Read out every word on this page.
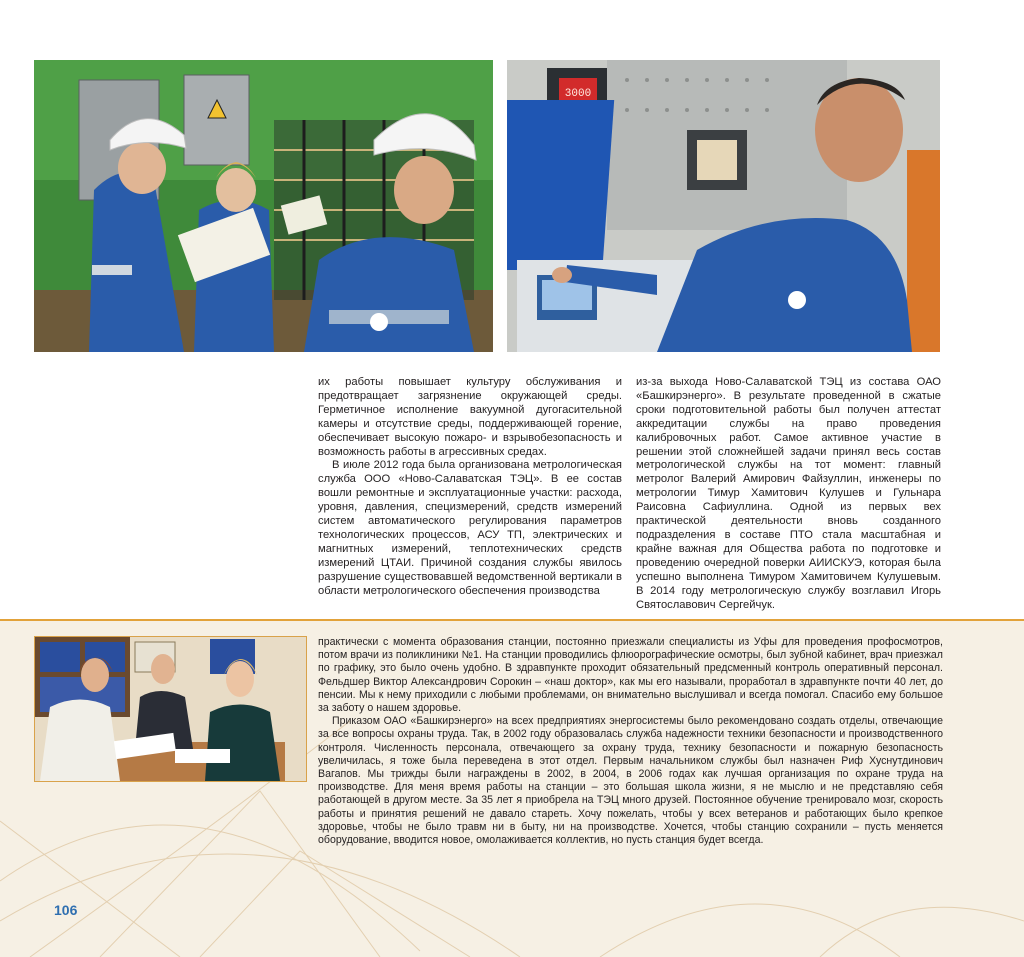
3000

их работы повышает культуру обслуживания и предотвращает загрязнение окружающей среды. Герметичное исполнение вакуумной дугогасительной камеры и отсутствие среды, поддерживающей горение, обеспечивает высокую пожаро- и взрывобезопасность и возможность работы в агрессивных средах.

В июле 2012 года была организована метрологическая служба ООО «Ново-Салаватская ТЭЦ». В ее состав вошли ремонтные и эксплуатационные участки: расхода, уровня, давления, специзмерений, средств измерений систем автоматического регулирования параметров технологических процессов, АСУ ТП, электрических и магнитных измерений, теплотехнических средств измерений ЦТАИ. Причиной создания службы явилось разрушение существовавшей ведомственной вертикали в области метрологического обеспечения производства

из-за выхода Ново-Салаватской ТЭЦ из состава ОАО «Башкирэнерго». В результате проведенной в сжатые сроки подготовительной работы был получен аттестат аккредитации службы на право проведения калибровочных работ. Самое активное участие в решении этой сложнейшей задачи принял весь состав метрологической службы на тот момент: главный метролог Валерий Амирович Файзуллин, инженеры по метрологии Тимур Хамитович Кулушев и Гульнара Раисовна Сафиуллина. Одной из первых вех практической деятельности вновь созданного подразделения в составе ПТО стала масштабная и крайне важная для Общества работа по подготовке и проведению очередной поверки АИИСКУЭ, которая была успешно выполнена Тимуром Хамитовичем Кулушевым. В 2014 году метрологическую службу возглавил Игорь Святославович Сергейчук.

практически с момента образования станции, постоянно приезжали специалисты из Уфы для проведения профосмотров, потом врачи из поликлиники №1. На станции проводились флюорографические осмотры, был зубной кабинет, врач приезжал по графику, это было очень удобно. В здравпункте проходит обязательный предсменный контроль оперативный персонал. Фельдшер Виктор Александрович Сорокин – «наш доктор», как мы его называли, проработал в здравпункте почти 40 лет, до пенсии. Мы к нему приходили с любыми проблемами, он внимательно выслушивал и всегда помогал. Спасибо ему большое за заботу о нашем здоровье.

Приказом ОАО «Башкирэнерго» на всех предприятиях энергосистемы было рекомендовано создать отделы, отвечающие за все вопросы охраны труда. Так, в 2002 году образовалась служба надежности техники безопасности и производственного контроля. Численность персонала, отвечающего за охрану труда, технику безопасности и пожарную безопасность увеличилась, я тоже была переведена в этот отдел. Первым начальником службы был назначен Риф Хуснутдинович Вагапов. Мы трижды были награждены в 2002, в 2004, в 2006 годах как лучшая организация по охране труда на производстве. Для меня время работы на станции – это большая школа жизни, я не мыслю и не представляю себя работающей в другом месте. За 35 лет я приобрела на ТЭЦ много друзей. Постоянное обучение тренировало мозг, скорость работы и принятия решений не давало стареть. Хочу пожелать, чтобы у всех ветеранов и работающих было крепкое здоровье, чтобы не было травм ни в быту, ни на производстве. Хочется, чтобы станцию сохранили – пусть меняется оборудование, вводится новое, омолаживается коллектив, но пусть станция будет всегда.

106
